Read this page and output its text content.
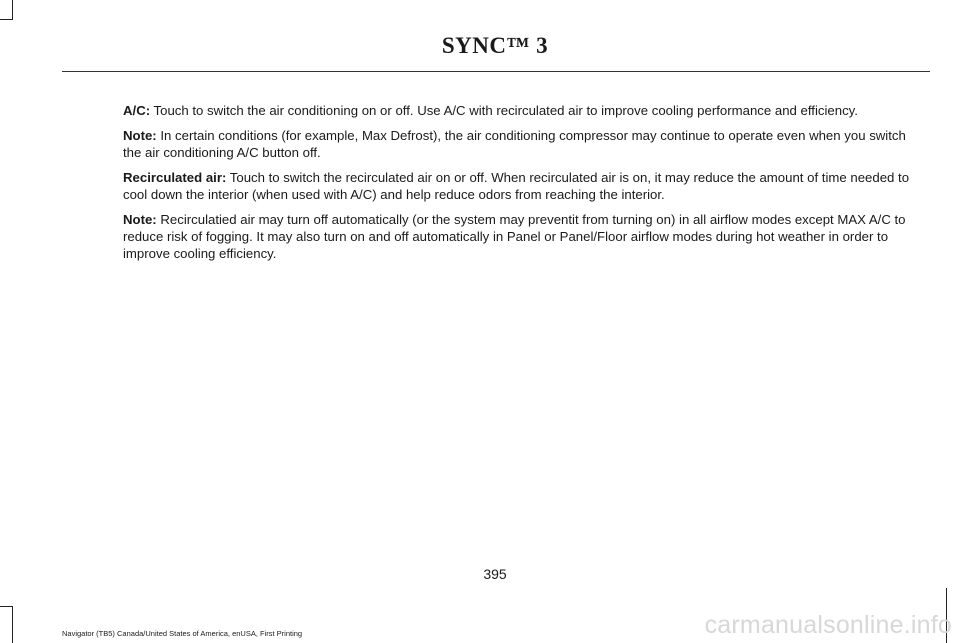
SYNC™ 3

A/C: Touch to switch the air conditioning on or off. Use A/C with recirculated air to improve cooling performance and efficiency.

Note: In certain conditions (for example, Max Defrost), the air conditioning compressor may continue to operate even when you switch the air conditioning A/C button off.

Recirculated air: Touch to switch the recirculated air on or off. When recirculated air is on, it may reduce the amount of time needed to cool down the interior (when used with A/C) and help reduce odors from reaching the interior.

Note: Recirculatied air may turn off automatically (or the system may preventit from turning on) in all airflow modes except MAX A/C to reduce risk of fogging. It may also turn on and off automatically in Panel or Panel/Floor airflow modes during hot weather in order to improve cooling efficiency.

395
Navigator (TB5) Canada/United States of America, enUSA, First Printing	carmanualsonline.info
